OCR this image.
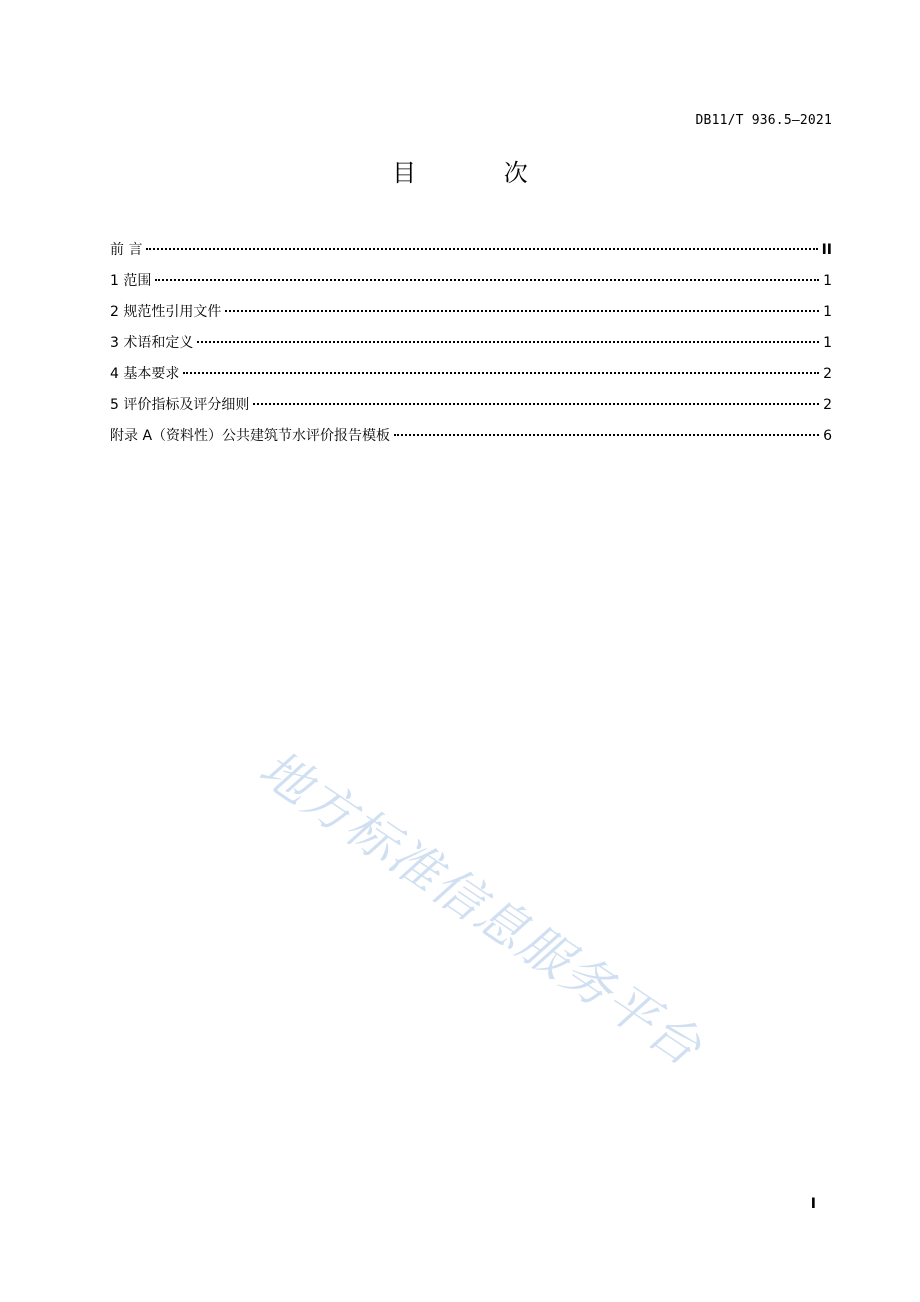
DB11/T 936.5—2021
目 次
前 言	II
1 范围	1
2 规范性引用文件	1
3 术语和定义	1
4 基本要求	2
5 评价指标及评分细则	2
附录 A（资料性）公共建筑节水评价报告模板	6
地方标准信息服务平台
I
